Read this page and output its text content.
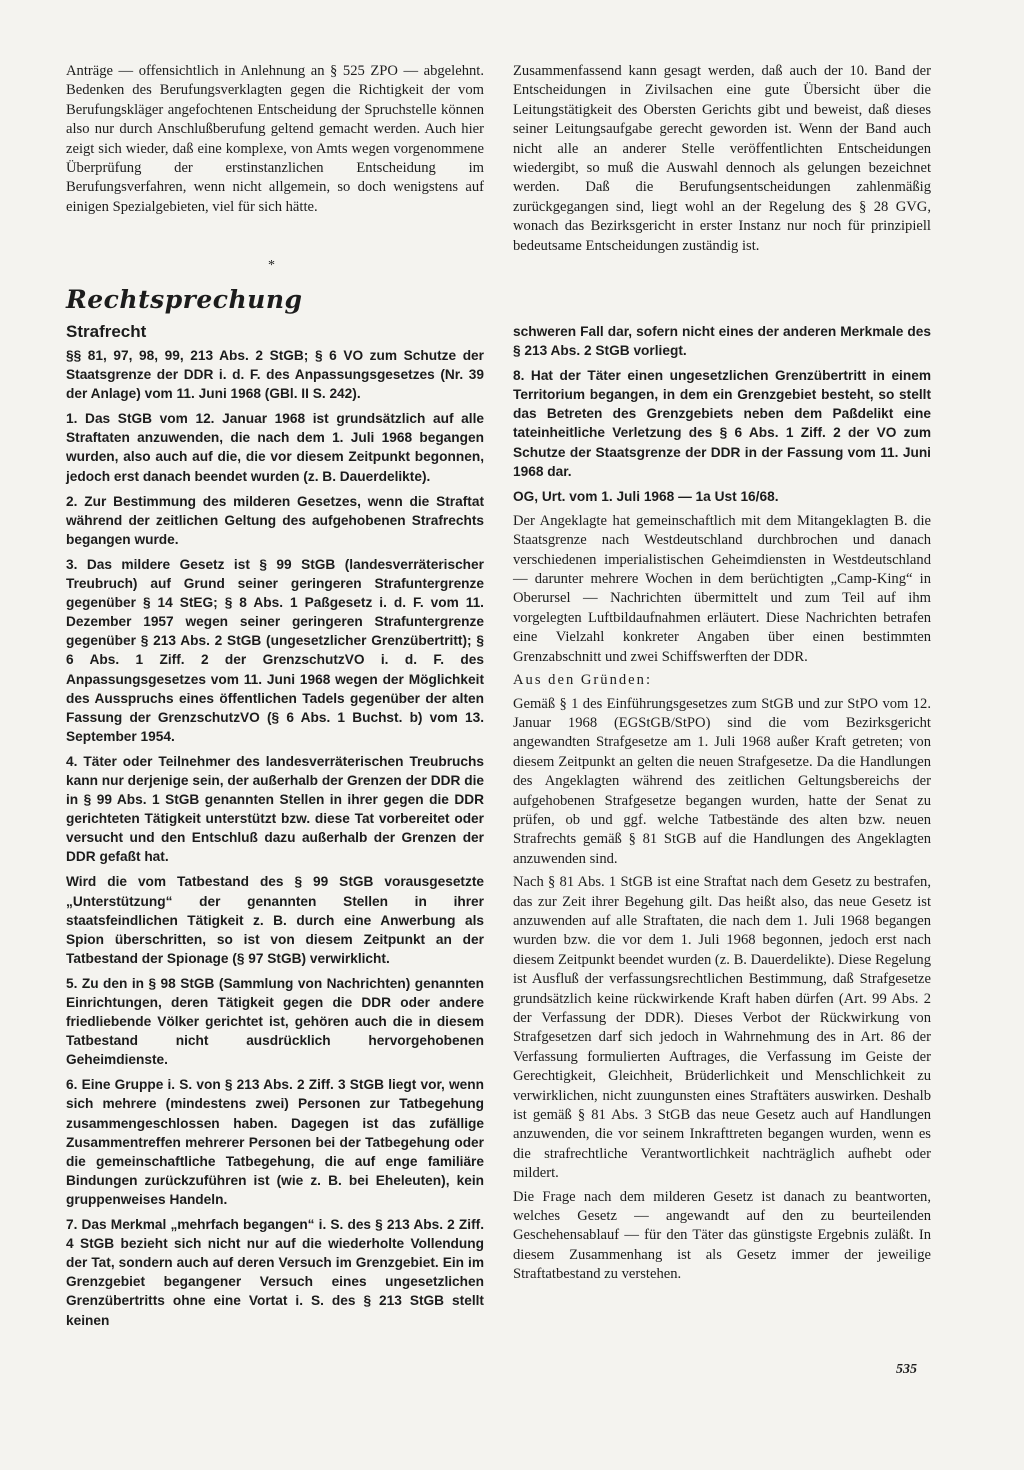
Anträge — offensichtlich in Anlehnung an § 525 ZPO — abgelehnt. Bedenken des Berufungsverklagten gegen die Richtigkeit der vom Berufungskläger angefochtenen Entscheidung der Spruchstelle können also nur durch Anschlußberufung geltend gemacht werden. Auch hier zeigt sich wieder, daß eine komplexe, von Amts wegen vorgenommene Überprüfung der erstinstanzlichen Entscheidung im Berufungsverfahren, wenn nicht allgemein, so doch wenigstens auf einigen Spezialgebieten, viel für sich hätte.

Zusammenfassend kann gesagt werden, daß auch der 10. Band der Entscheidungen in Zivilsachen eine gute Übersicht über die Leitungstätigkeit des Obersten Gerichts gibt und beweist, daß dieses seiner Leitungsaufgabe gerecht geworden ist. Wenn der Band auch nicht alle an anderer Stelle veröffentlichten Entscheidungen wiedergibt, so muß die Auswahl dennoch als gelungen bezeichnet werden. Daß die Berufungsentscheidungen zahlenmäßig zurückgegangen sind, liegt wohl an der Regelung des § 28 GVG, wonach das Bezirksgericht in erster Instanz nur noch für prinzipiell bedeutsame Entscheidungen zuständig ist.

*
Rechtsprechung
Strafrecht

§§ 81, 97, 98, 99, 213 Abs. 2 StGB; § 6 VO zum Schutze der Staatsgrenze der DDR i. d. F. des Anpassungsgesetzes (Nr. 39 der Anlage) vom 11. Juni 1968 (GBl. II S. 242).

1. Das StGB vom 12. Januar 1968 ist grundsätzlich auf alle Straftaten anzuwenden, die nach dem 1. Juli 1968 begangen wurden, also auch auf die, die vor diesem Zeitpunkt begonnen, jedoch erst danach beendet wurden (z. B. Dauerdelikte).

2. Zur Bestimmung des milderen Gesetzes, wenn die Straftat während der zeitlichen Geltung des aufgehobenen Strafrechts begangen wurde.

3. Das mildere Gesetz ist § 99 StGB (landesverräterischer Treubruch) auf Grund seiner geringeren Strafuntergrenze gegenüber § 14 StEG; § 8 Abs. 1 Paßgesetz i. d. F. vom 11. Dezember 1957 wegen seiner geringeren Strafuntergrenze gegenüber § 213 Abs. 2 StGB (ungesetzlicher Grenzübertritt); § 6 Abs. 1 Ziff. 2 der GrenzschutzVO i. d. F. des Anpassungsgesetzes vom 11. Juni 1968 wegen der Möglichkeit des Ausspruchs eines öffentlichen Tadels gegenüber der alten Fassung der GrenzschutzVO (§ 6 Abs. 1 Buchst. b) vom 13. September 1954.

4. Täter oder Teilnehmer des landesverräterischen Treubruchs kann nur derjenige sein, der außerhalb der Grenzen der DDR die in § 99 Abs. 1 StGB genannten Stellen in ihrer gegen die DDR gerichteten Tätigkeit unterstützt bzw. diese Tat vorbereitet oder versucht und den Entschluß dazu außerhalb der Grenzen der DDR gefaßt hat.

Wird die vom Tatbestand des § 99 StGB vorausgesetzte „Unterstützung“ der genannten Stellen in ihrer staatsfeindlichen Tätigkeit z. B. durch eine Anwerbung als Spion überschritten, so ist von diesem Zeitpunkt an der Tatbestand der Spionage (§ 97 StGB) verwirklicht.

5. Zu den in § 98 StGB (Sammlung von Nachrichten) genannten Einrichtungen, deren Tätigkeit gegen die DDR oder andere friedliebende Völker gerichtet ist, gehören auch die in diesem Tatbestand nicht ausdrücklich hervorgehobenen Geheimdienste.

6. Eine Gruppe i. S. von § 213 Abs. 2 Ziff. 3 StGB liegt vor, wenn sich mehrere (mindestens zwei) Personen zur Tatbegehung zusammengeschlossen haben. Dagegen ist das zufällige Zusammentreffen mehrerer Personen bei der Tatbegehung oder die gemeinschaftliche Tatbegehung, die auf enge familiäre Bindungen zurückzuführen ist (wie z. B. bei Eheleuten), kein gruppenweises Handeln.

7. Das Merkmal „mehrfach begangen“ i. S. des § 213 Abs. 2 Ziff. 4 StGB bezieht sich nicht nur auf die wiederholte Vollendung der Tat, sondern auch auf deren Versuch im Grenzgebiet. Ein im Grenzgebiet begangener Versuch eines ungesetzlichen Grenzübertritts ohne eine Vortat i. S. des § 213 StGB stellt keinen

schweren Fall dar, sofern nicht eines der anderen Merkmale des § 213 Abs. 2 StGB vorliegt.

8. Hat der Täter einen ungesetzlichen Grenzübertritt in einem Territorium begangen, in dem ein Grenzgebiet besteht, so stellt das Betreten des Grenzgebiets neben dem Paßdelikt eine tateinheitliche Verletzung des § 6 Abs. 1 Ziff. 2 der VO zum Schutze der Staatsgrenze der DDR in der Fassung vom 11. Juni 1968 dar.

OG, Urt. vom 1. Juli 1968 — 1a Ust 16/68.

Der Angeklagte hat gemeinschaftlich mit dem Mitangeklagten B. die Staatsgrenze nach Westdeutschland durchbrochen und danach verschiedenen imperialistischen Geheimdiensten in Westdeutschland — darunter mehrere Wochen in dem berüchtigten „Camp-King“ in Oberursel — Nachrichten übermittelt und zum Teil auf ihm vorgelegten Luftbildaufnahmen erläutert. Diese Nachrichten betrafen eine Vielzahl konkreter Angaben über einen bestimmten Grenzabschnitt und zwei Schiffswerften der DDR.

Aus den Gründen:

Gemäß § 1 des Einführungsgesetzes zum StGB und zur StPO vom 12. Januar 1968 (EGStGB/StPO) sind die vom Bezirksgericht angewandten Strafgesetze am 1. Juli 1968 außer Kraft getreten; von diesem Zeitpunkt an gelten die neuen Strafgesetze. Da die Handlungen des Angeklagten während des zeitlichen Geltungsbereichs der aufgehobenen Strafgesetze begangen wurden, hatte der Senat zu prüfen, ob und ggf. welche Tatbestände des alten bzw. neuen Strafrechts gemäß § 81 StGB auf die Handlungen des Angeklagten anzuwenden sind.

Nach § 81 Abs. 1 StGB ist eine Straftat nach dem Gesetz zu bestrafen, das zur Zeit ihrer Begehung gilt. Das heißt also, das neue Gesetz ist anzuwenden auf alle Straftaten, die nach dem 1. Juli 1968 begangen wurden bzw. die vor dem 1. Juli 1968 begonnen, jedoch erst nach diesem Zeitpunkt beendet wurden (z. B. Dauerdelikte). Diese Regelung ist Ausfluß der verfassungsrechtlichen Bestimmung, daß Strafgesetze grundsätzlich keine rückwirkende Kraft haben dürfen (Art. 99 Abs. 2 der Verfassung der DDR). Dieses Verbot der Rückwirkung von Strafgesetzen darf sich jedoch in Wahrnehmung des in Art. 86 der Verfassung formulierten Auftrages, die Verfassung im Geiste der Gerechtigkeit, Gleichheit, Brüderlichkeit und Menschlichkeit zu verwirklichen, nicht zuungunsten eines Straftäters auswirken. Deshalb ist gemäß § 81 Abs. 3 StGB das neue Gesetz auch auf Handlungen anzuwenden, die vor seinem Inkrafttreten begangen wurden, wenn es die strafrechtliche Verantwortlichkeit nachträglich aufhebt oder mildert.

Die Frage nach dem milderen Gesetz ist danach zu beantworten, welches Gesetz — angewandt auf den zu beurteilenden Geschehensablauf — für den Täter das günstigste Ergebnis zuläßt. In diesem Zusammenhang ist als Gesetz immer der jeweilige Straftatbestand zu verstehen.

535
